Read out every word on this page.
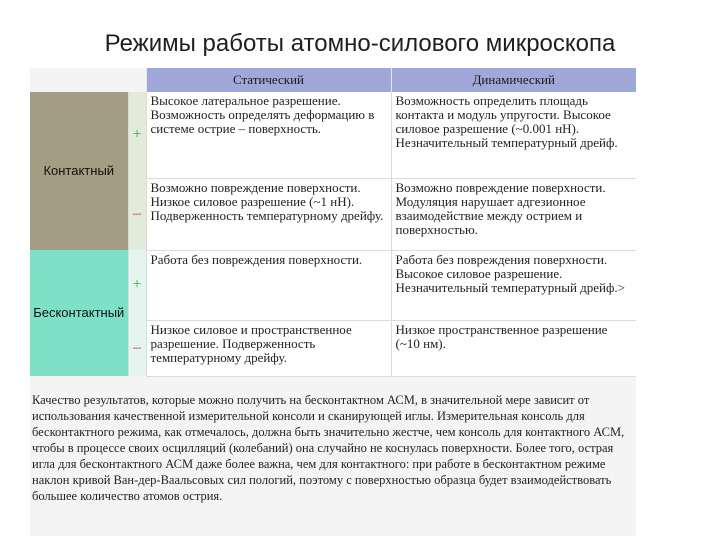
Режимы работы атомно-силового микроскопа
		Статический	Динамический
Контактный	+	Высокое латеральное разрешение. Возможность определять деформацию в системе острие – поверхность.	Возможность определить площадь контакта и модуль упругости. Высокое силовое разрешение (~0.001 нН). Незначительный температурный дрейф.
	–	Возможно повреждение поверхности. Низкое силовое разрешение (~1 нН). Подверженность температурному дрейфу.	Возможно повреждение поверхности. Модуляция нарушает адгезионное взаимодействие между острием и поверхностью.
Бесконтактный	+	Работа без повреждения поверхности.	Работа без повреждения поверхности. Высокое силовое разрешение. Незначительный температурный дрейф.>
	–	Низкое силовое и пространственное разрешение. Подверженность температурному дрейфу.	Низкое пространственное разрешение (~10 нм).
Качество результатов, которые можно получить на бесконтактном АСМ, в значительной мере зависит от использования качественной измерительной консоли и сканирующей иглы. Измерительная консоль для бесконтактного режима, как отмечалось, должна быть значительно жестче, чем консоль для контактного АСМ, чтобы в процессе своих осцилляций (колебаний) она случайно не коснулась поверхности. Более того, острая игла для бесконтактного АСМ даже более важна, чем для контактного: при работе в бесконтактном режиме наклон кривой Ван-дер-Ваальсовых сил пологий, поэтому с поверхностью образца будет взаимодействовать большее количество атомов острия.
